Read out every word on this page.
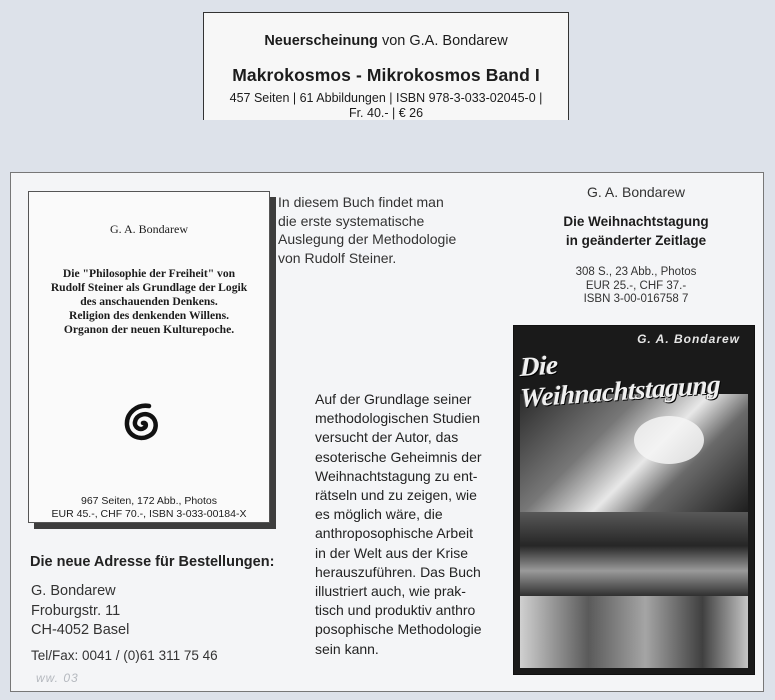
Neuerscheinung von G.A. Bondarew
Makrokosmos - Mikrokosmos Band I
457 Seiten | 61 Abbildungen | ISBN 978-3-033-02045-0 |
Fr. 40.- | € 26
G. A. Bondarew
Die "Philosophie der Freiheit" von
Rudolf Steiner als Grundlage der Logik
des anschauenden Denkens.
Religion des denkenden Willens.
Organon der neuen Kulturepoche.
967 Seiten, 172 Abb., Photos
EUR 45.-, CHF 70.-, ISBN 3-033-00184-X
In diesem Buch findet man
die erste systematische
Auslegung der Methodologie
von Rudolf Steiner.
G. A. Bondarew
Die Weihnachtstagung
in geänderter Zeitlage
308 S., 23 Abb., Photos
EUR 25.-, CHF 37.-
ISBN 3-00-016758 7
G. A. Bondarew
Die Weihnachtstagung
Auf der Grundlage seiner
methodologischen Studien
versucht der Autor, das
esoterische Geheimnis der
Weihnachtstagung zu ent-
rätseln und zu zeigen, wie
es möglich wäre, die
anthroposophische Arbeit
in der Welt aus der Krise
herauszuführen. Das Buch
illustriert auch, wie prak-
tisch und produktiv anthro
posophische Methodologie
sein kann.
Die neue Adresse für Bestellungen:
G. Bondarew
Froburgstr. 11
CH-4052 Basel
Tel/Fax: 0041 / (0)61 311 75 46
ww. 03
